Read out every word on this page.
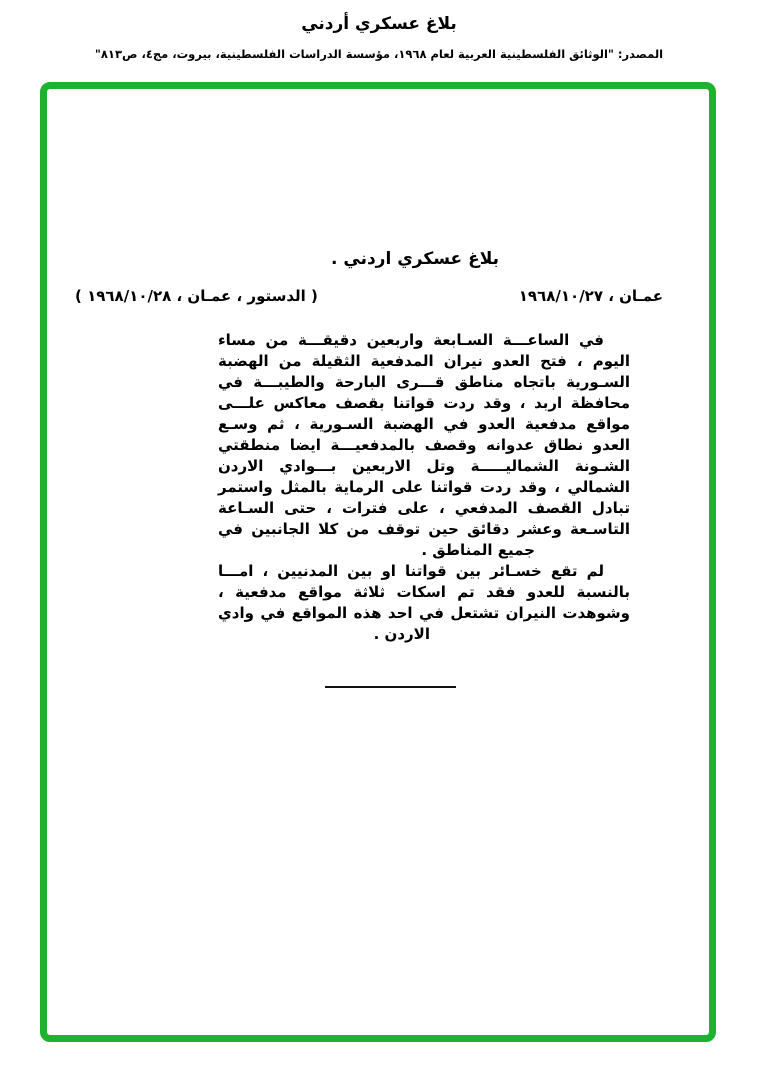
بلاغ عسكري أردني
المصدر: "الوثائق الفلسطينية العربية لعام ١٩٦٨، مؤسسة الدراسات الفلسطينية، بيروت، مج٤، ص٨١٣"
بلاغ عسكري اردني .
عمـان ، ١٩٦٨/١٠/٢٧
( الدستور ، عمـان ، ١٩٦٨/١٠/٢٨ )
في الساعـــة السـابعة واربعين دقيقـــة من مساء
اليوم ، فتح العدو نيران المدفعية الثقيلة من الهضبة
السـورية باتجاه مناطق قـــرى البارحة والطيبـــة في
محافظة اربد ، وقد ردت قواتنا بقصف معاكس علـــى
مواقع مدفعية العدو في الهضبة السـورية ، ثم وسـع
العدو نطاق عدوانه وقصف بالمدفعيـــة ايضا منطقتي
الشـونة الشماليـــــة وتل الاربعين بـــوادي الاردن
الشمالي ، وقد ردت قواتنا على الرماية بالمثل واستمر
تبادل القصف المدفعي ، على فترات ، حتى السـاعة
التاسـعة وعشر دقائق حين توقف من كلا الجانبين في
جميع المناطق .
لم تقع خسـائر بين قواتنا او بين المدنيين ، امـــا
بالنسبة للعدو فقد تم اسكات ثلاثة مواقع مدفعية ،
وشوهدت النيران تشتعل في احد هذه المواقع في وادي
الاردن .
